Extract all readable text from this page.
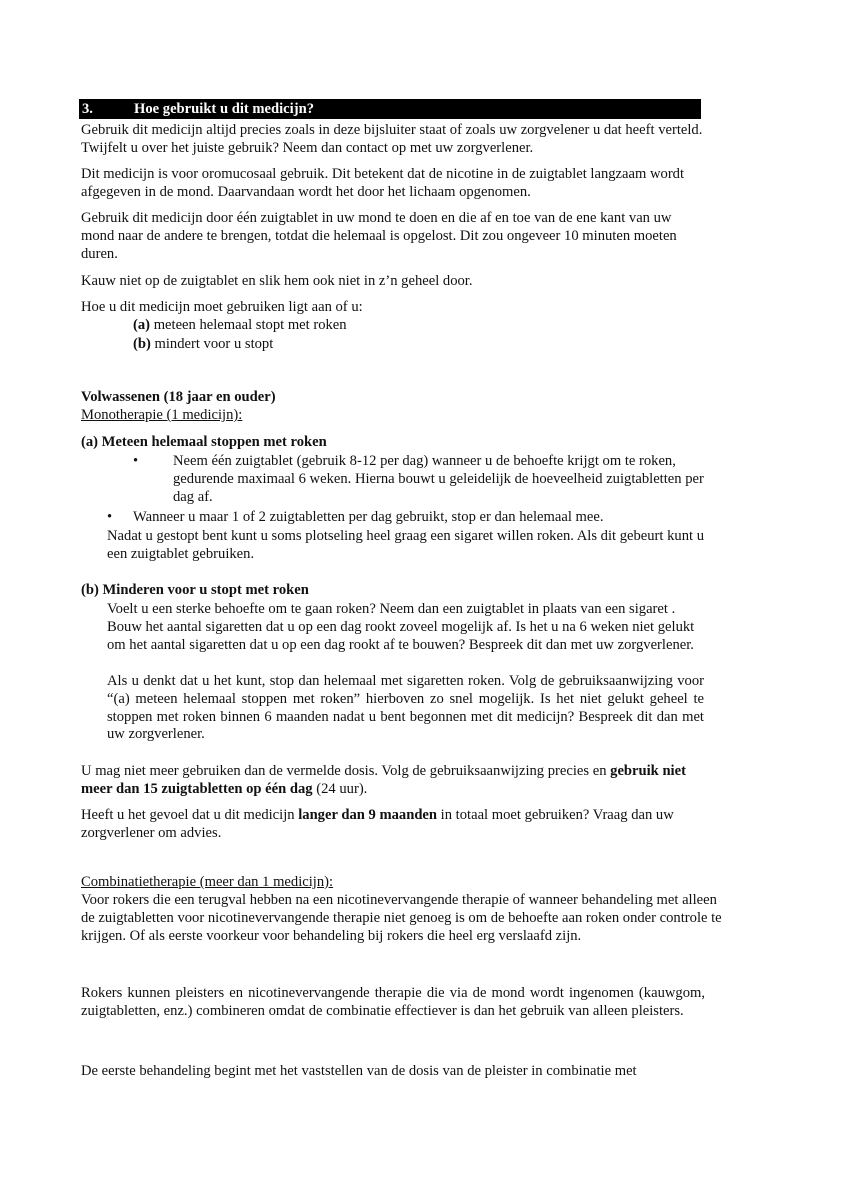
3.	Hoe gebruikt u dit medicijn?

Gebruik dit medicijn altijd precies zoals in deze bijsluiter staat of zoals uw zorgvelener u dat heeft verteld. Twijfelt u over het juiste gebruik? Neem dan contact op met uw zorgverlener.

Dit medicijn is voor oromucosaal gebruik. Dit betekent dat de nicotine in de zuigtablet langzaam wordt afgegeven in de mond. Daarvandaan wordt het door het lichaam opgenomen.

Gebruik dit medicijn door één zuigtablet in uw mond te doen en die af en toe van de ene kant van uw mond naar de andere te brengen, totdat die helemaal is opgelost. Dit zou ongeveer 10 minuten moeten duren.

Kauw niet op de zuigtablet en slik hem ook niet in z’n geheel door.

Hoe u dit medicijn moet gebruiken ligt aan of u:

(a) meteen helemaal stopt met roken

(b) mindert voor u stopt

Volwassenen (18 jaar en ouder)

Monotherapie (1 medicijn):

(a) Meteen helemaal stoppen met roken

• Neem één zuigtablet (gebruik 8-12 per dag) wanneer u de behoefte krijgt om te roken, gedurende maximaal 6 weken. Hierna bouwt u geleidelijk de hoeveelheid zuigtabletten per dag af.

• Wanneer u maar 1 of 2 zuigtabletten per dag gebruikt, stop er dan helemaal mee.

Nadat u gestopt bent kunt u soms plotseling heel graag een sigaret willen roken. Als dit gebeurt kunt u een zuigtablet gebruiken.

(b) Minderen voor u stopt met roken

Voelt u een sterke behoefte om te gaan roken? Neem dan een zuigtablet in plaats van een sigaret . Bouw het aantal sigaretten dat u op een dag rookt zoveel mogelijk af. Is het u na 6 weken niet gelukt om het aantal sigaretten dat u op een dag rookt af te bouwen? Bespreek dit dan met uw zorgverlener.

Als u denkt dat u het kunt, stop dan helemaal met sigaretten roken. Volg de gebruiksaanwijzing voor “(a) meteen helemaal stoppen met roken” hierboven zo snel mogelijk. Is het niet gelukt geheel te stoppen met roken binnen 6 maanden nadat u bent begonnen met dit medicijn? Bespreek dit dan met uw zorgverlener.

U mag niet meer gebruiken dan de vermelde dosis. Volg de gebruiksaanwijzing precies en gebruik niet meer dan 15 zuigtabletten op één dag (24 uur).

Heeft u het gevoel dat u dit medicijn langer dan 9 maanden in totaal moet gebruiken? Vraag dan uw zorgverlener om advies.

Combinatietherapie (meer dan 1 medicijn):

Voor rokers die een terugval hebben na een nicotinevervangende therapie of wanneer behandeling met alleen de zuigtabletten voor nicotinevervangende therapie niet genoeg is om de behoefte aan roken onder controle te krijgen. Of als eerste voorkeur voor behandeling bij rokers die heel erg verslaafd zijn.

Rokers kunnen pleisters en nicotinevervangende therapie die via de mond wordt ingenomen (kauwgom, zuigtabletten, enz.) combineren omdat de combinatie effectiever is dan het gebruik van alleen pleisters.

De eerste behandeling begint met het vaststellen van de dosis van de pleister in combinatie met
